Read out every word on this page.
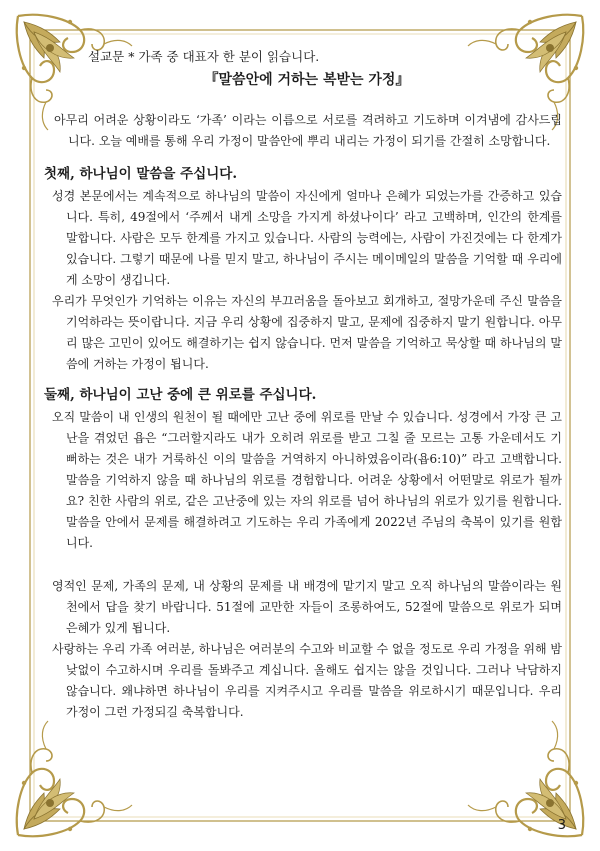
설교문 * 가족 중 대표자 한 분이 읽습니다.

『말씀안에 거하는 복받는 가정』

아무리 어려운 상황이라도 ‘가족’ 이라는 이름으로 서로를 격려하고 기도하며 이겨냄에 감사드립니다. 오늘 예배를 통해 우리 가정이 말씀안에 뿌리 내리는 가정이 되기를 간절히 소망합니다.

첫째, 하나님이 말씀을 주십니다.

성경 본문에서는 계속적으로 하나님의 말씀이 자신에게 얼마나 은혜가 되었는가를 간증하고 있습니다. 특히, 49절에서 ‘주께서 내게 소망을 가지게 하셨나이다’ 라고 고백하며, 인간의 한계를 말합니다. 사람은 모두 한계를 가지고 있습니다. 사람의 능력에는, 사람이 가진것에는 다 한계가 있습니다. 그렇기 때문에 나를 믿지 말고, 하나님이 주시는 메이메일의 말씀을 기억할 때 우리에게 소망이 생깁니다.

우리가 무엇인가 기억하는 이유는 자신의 부끄러움을 돌아보고 회개하고, 절망가운데 주신 말씀을 기억하라는 뜻이랍니다. 지금 우리 상황에 집중하지 말고, 문제에 집중하지 말기 원합니다. 아무리 많은 고민이 있어도 해결하기는 쉽지 않습니다. 먼저 말씀을 기억하고 묵상할 때 하나님의 말씀에 거하는 가정이 됩니다.

둘째, 하나님이 고난 중에 큰 위로를 주십니다.

오직 말씀이 내 인생의 원천이 될 때에만 고난 중에 위로를 만날 수 있습니다. 성경에서 가장 큰 고난을 겪었던 욥은 “그러할지라도 내가 오히려 위로를 받고 그칠 줄 모르는 고통 가운데서도 기뻐하는 것은 내가 거룩하신 이의 말씀을 거역하지 아니하였음이라(욥6:10)” 라고 고백합니다. 말씀을 기억하지 않을 때 하나님의 위로를 경험합니다. 어려운 상황에서 어떤말로 위로가 될까요? 친한 사람의 위로, 같은 고난중에 있는 자의 위로를 넘어 하나님의 위로가 있기를 원합니다. 말씀을 안에서 문제를 해결하려고 기도하는 우리 가족에게 2022년 주님의 축복이 있기를 원합니다.

영적인 문제, 가족의 문제, 내 상황의 문제를 내 배경에 맡기지 말고 오직 하나님의 말씀이라는 원천에서 답을 찾기 바랍니다. 51절에 교만한 자들이 조롱하여도, 52절에 말씀으로 위로가 되며 은혜가 있게 됩니다.

사랑하는 우리 가족 여러분, 하나님은 여러분의 수고와 비교할 수 없을 정도로 우리 가정을 위해 밤낮없이 수고하시며 우리를 돌봐주고 계십니다. 올해도 쉽지는 않을 것입니다. 그러나 낙담하지 않습니다. 왜냐하면 하나님이 우리를 지켜주시고 우리를 말씀을 위로하시기 때문입니다. 우리 가정이 그런 가정되길 축복합니다.

3
